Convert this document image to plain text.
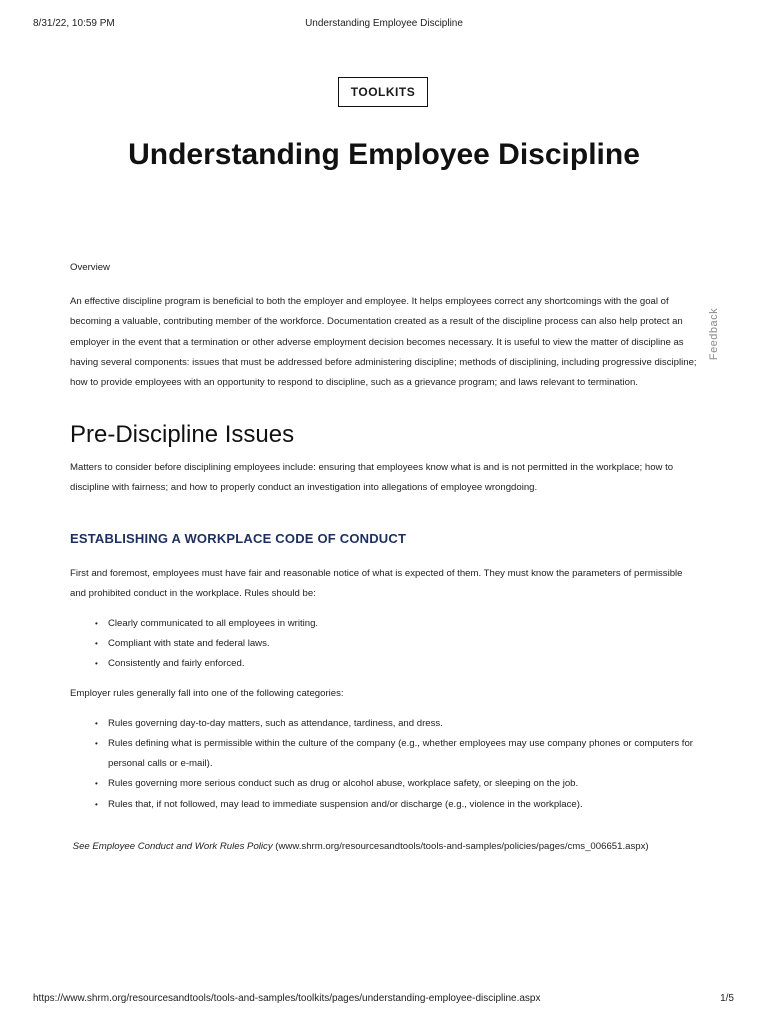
8/31/22, 10:59 PM	Understanding Employee Discipline
TOOLKITS
Understanding Employee Discipline
Feedback

Overview

An effective discipline program is beneficial to both the employer and employee. It helps employees correct any shortcomings with the goal of becoming a valuable, contributing member of the workforce. Documentation created as a result of the discipline process can also help protect an employer in the event that a termination or other adverse employment decision becomes necessary. It is useful to view the matter of discipline as having several components: issues that must be addressed before administering discipline; methods of disciplining, including progressive discipline; how to provide employees with an opportunity to respond to discipline, such as a grievance program; and laws relevant to termination.

Pre-Discipline Issues

Matters to consider before disciplining employees include: ensuring that employees know what is and is not permitted in the workplace; how to discipline with fairness; and how to properly conduct an investigation into allegations of employee wrongdoing.

ESTABLISHING A WORKPLACE CODE OF CONDUCT

First and foremost, employees must have fair and reasonable notice of what is expected of them. They must know the parameters of permissible and prohibited conduct in the workplace. Rules should be:

• Clearly communicated to all employees in writing.
• Compliant with state and federal laws.
• Consistently and fairly enforced.

Employer rules generally fall into one of the following categories:

• Rules governing day-to-day matters, such as attendance, tardiness, and dress.
• Rules defining what is permissible within the culture of the company (e.g., whether employees may use company phones or computers for personal calls or e-mail).
• Rules governing more serious conduct such as drug or alcohol abuse, workplace safety, or sleeping on the job.
• Rules that, if not followed, may lead to immediate suspension and/or discharge (e.g., violence in the workplace).

See Employee Conduct and Work Rules Policy (www.shrm.org/resourcesandtools/tools-and-samples/policies/pages/cms_006651.aspx)

https://www.shrm.org/resourcesandtools/tools-and-samples/toolkits/pages/understanding-employee-discipline.aspx	1/5
